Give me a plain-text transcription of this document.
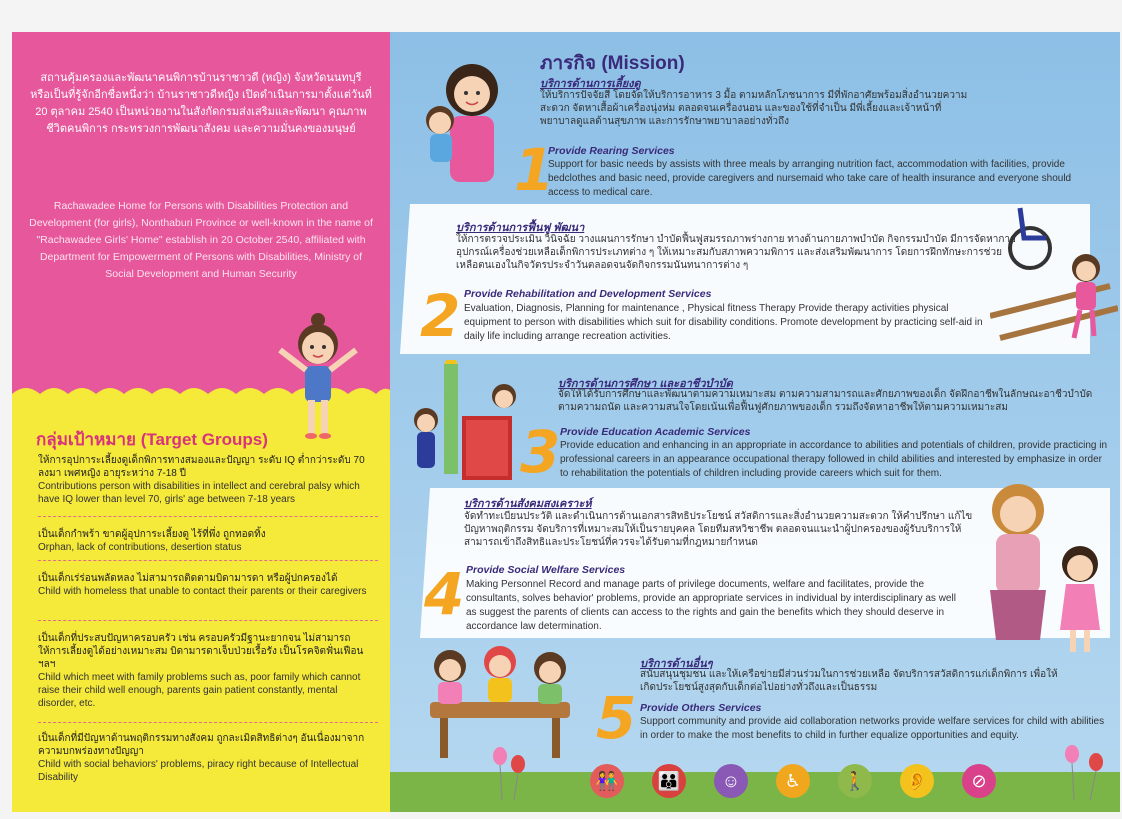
สถานคุ้มครองและพัฒนาคนพิการบ้านราชาวดี (หญิง) จังหวัดนนทบุรี หรือเป็นที่รู้จักอีกชื่อหนึ่งว่า บ้านราชาวดีหญิง เปิดดำเนินการมาตั้งแต่วันที่ 20 ตุลาคม 2540 เป็นหน่วยงานในสังกัดกรมส่งเสริมและพัฒนา คุณภาพชีวิตคนพิการ กระทรวงการพัฒนาสังคม และความมั่นคงของมนุษย์
Rachawadee Home for Persons with Disabilities Protection and Development (for girls), Nonthaburi Province or well-known in the name of "Rachawadee Girls' Home" establish in 20 October 2540, affiliated with Department for Empowerment of Persons with Disabilities, Ministry of Social Development and Human Security
กลุ่มเป้าหมาย (Target Groups)
ให้การอุปการะเลี้ยงดูเด็กพิการทางสมองและปัญญา ระดับ IQ ต่ำกว่าระดับ 70 ลงมา เพศหญิง อายุระหว่าง 7-18 ปี
Contributions person with disabilities in intellect and cerebral palsy which have IQ lower than level 70, girls' age between 7-18 years
เป็นเด็กกำพร้า ขาดผู้อุปการะเลี้ยงดู ไร้ที่พึ่ง ถูกทอดทิ้ง
Orphan, lack of contributions, desertion status
เป็นเด็กเร่ร่อนพลัดหลง ไม่สามารถติดตามบิดามารดา หรือผู้ปกครองได้
Child with homeless that unable to contact their parents or their caregivers
เป็นเด็กที่ประสบปัญหาครอบครัว เช่น ครอบครัวมีฐานะยากจน ไม่สามารถให้การเลี้ยงดูได้อย่างเหมาะสม บิดามารดาเจ็บป่วยเรื้อรัง เป็นโรคจิตฟั่นเฟือน ฯลฯ
Child which meet with family problems such as, poor family which cannot raise their child well enough, parents gain patient constantly, mental disorder, etc.
เป็นเด็กที่มีปัญหาด้านพฤติกรรมทางสังคม ถูกละเมิดสิทธิต่างๆ อันเนื่องมาจากความบกพร่องทางปัญญา
Child with social behaviors' problems, piracy right because of Intellectual Disability
ภารกิจ (Mission)
บริการด้านการเลี้ยงดู
ให้บริการปัจจัยสี่ โดยจัดให้บริการอาหาร 3 มื้อ ตามหลักโภชนาการ มีที่พักอาศัยพร้อมสิ่งอำนวยความสะดวก จัดหาเสื้อผ้าเครื่องนุ่งห่ม ตลอดจนเครื่องนอน และของใช้ที่จำเป็น มีพี่เลี้ยงและเจ้าหน้าที่พยาบาลดูแลด้านสุขภาพ และการรักษาพยาบาลอย่างทั่วถึง
1
Provide Rearing Services
Support for basic needs by assists with three meals by arranging nutrition fact, accommodation with facilities, provide bedclothes and basic need, provide caregivers and nursemaid who take care of health insurance and everyone should access to medical care.
บริการด้านการฟื้นฟู พัฒนา
ให้การตรวจประเมิน วินิจฉัย วางแผนการรักษา บำบัดฟื้นฟูสมรรถภาพร่างกาย ทางด้านกายภาพบำบัด กิจกรรมบำบัด มีการจัดหากายอุปกรณ์เครื่องช่วยเหลือเด็กพิการประเภทต่าง ๆ ให้เหมาะสมกับสภาพความพิการ และส่งเสริมพัฒนาการ โดยการฝึกทักษะการช่วยเหลือตนเองในกิจวัตรประจำวันตลอดจนจัดกิจกรรมนันทนาการต่าง ๆ
2 Provide Rehabilitation and Development Services
Evaluation, Diagnosis, Planning for maintenance , Physical fitness Therapy Provide therapy activities physical equipment to person with disabilities which suit for disability conditions. Promote development by practicing self-aid in daily life including arrange recreation activities.
บริการด้านการศึกษา และอาชีวบำบัด
จัดให้ได้รับการศึกษาและพัฒนาตามความเหมาะสม ตามความสามารถและศักยภาพของเด็ก จัดฝึกอาชีพในลักษณะอาชีวบำบัด ตามความถนัด และความสนใจโดยเน้นเพื่อฟื้นฟูศักยภาพของเด็ก รวมถึงจัดหาอาชีพให้ตามความเหมาะสม
3 Provide Education Academic Services
Provide education and enhancing in an appropriate in accordance to abilities and potentials of children, provide practicing in professional careers in an appearance occupational therapy followed in child abilities and interested by emphasize in order to rehabilitation the potentials of children including provide careers which suit for them.
บริการด้านสังคมสงเคราะห์
จัดทำทะเบียนประวัติ และดำเนินการด้านเอกสารสิทธิประโยชน์ สวัสดิการและสิ่งอำนวยความสะดวก ให้คำปรึกษา แก้ไขปัญหาพฤติกรรม จัดบริการที่เหมาะสมให้เป็นรายบุคคล โดยทีมสหวิชาชีพ ตลอดจนแนะนำผู้ปกครองของผู้รับบริการให้สามารถเข้าถึงสิทธิและประโยชน์ที่ควรจะได้รับตามที่กฎหมายกำหนด
4 Provide Social Welfare Services
Making Personnel Record and manage parts of privilege documents, welfare and facilitates, provide the consultants, solves behavior' problems, provide an appropriate services in individual by interdisciplinary as well as suggest the parents of clients can access to the rights and gain the benefits which they should deserve in accordance law determination.
บริการด้านอื่นๆ
สนับสนุนชุมชน และให้เครือข่ายมีส่วนร่วมในการช่วยเหลือ จัดบริการสวัสดิการแก่เด็กพิการ เพื่อให้เกิดประโยชน์สูงสุดกับเด็กต่อไปอย่างทั่วถึงและเป็นธรรม
5 Provide Others Services
Support community and provide aid collaboration networks provide welfare services for child with abilities in order to make the most benefits to child in further equalize opportunities and equity.
👫	👪	☺	♿	🚶	👂	⊘
